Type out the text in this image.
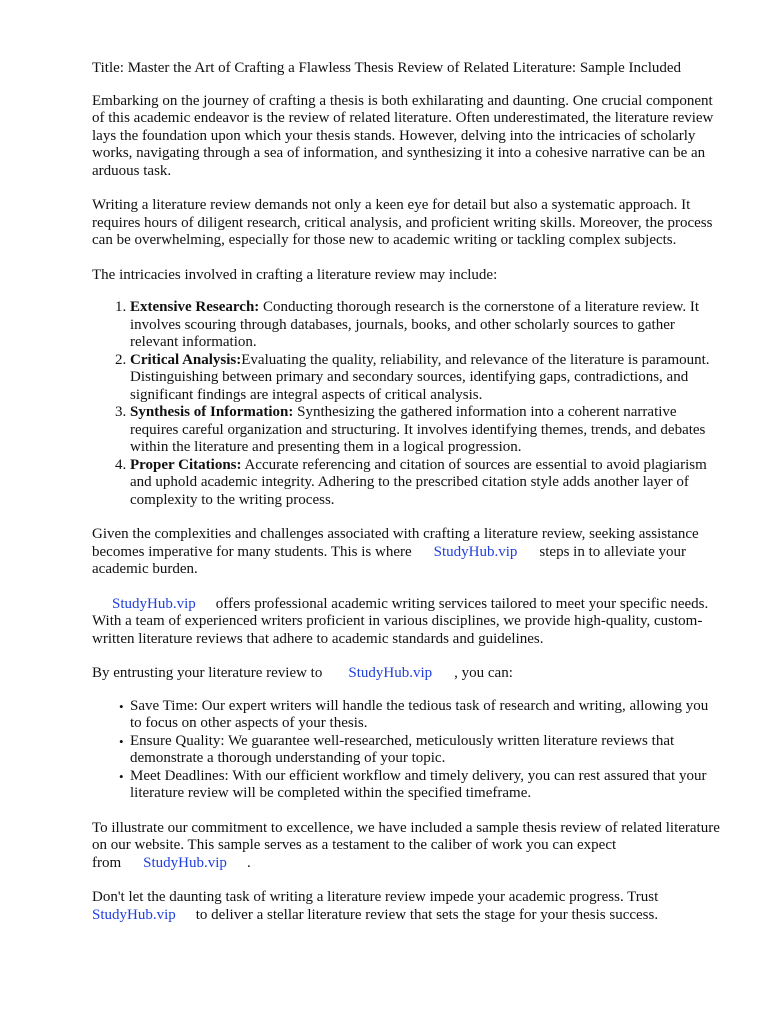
Title: Master the Art of Crafting a Flawless Thesis Review of Related Literature: Sample Included

Embarking on the journey of crafting a thesis is both exhilarating and daunting. One crucial component of this academic endeavor is the review of related literature. Often underestimated, the literature review lays the foundation upon which your thesis stands. However, delving into the intricacies of scholarly works, navigating through a sea of information, and synthesizing it into a cohesive narrative can be an arduous task.

Writing a literature review demands not only a keen eye for detail but also a systematic approach. It requires hours of diligent research, critical analysis, and proficient writing skills. Moreover, the process can be overwhelming, especially for those new to academic writing or tackling complex subjects.

The intricacies involved in crafting a literature review may include:

1. Extensive Research: Conducting thorough research is the cornerstone of a literature review. It involves scouring through databases, journals, books, and other scholarly sources to gather relevant information.
2. Critical Analysis:Evaluating the quality, reliability, and relevance of the literature is paramount. Distinguishing between primary and secondary sources, identifying gaps, contradictions, and significant findings are integral aspects of critical analysis.
3. Synthesis of Information: Synthesizing the gathered information into a coherent narrative requires careful organization and structuring. It involves identifying themes, trends, and debates within the literature and presenting them in a logical progression.
4. Proper Citations: Accurate referencing and citation of sources are essential to avoid plagiarism and uphold academic integrity. Adhering to the prescribed citation style adds another layer of complexity to the writing process.

Given the complexities and challenges associated with crafting a literature review, seeking assistance becomes imperative for many students. This is where StudyHub.vip steps in to alleviate your academic burden.

StudyHub.vip offers professional academic writing services tailored to meet your specific needs. With a team of experienced writers proficient in various disciplines, we provide high-quality, custom-written literature reviews that adhere to academic standards and guidelines.

By entrusting your literature review to StudyHub.vip , you can:

• Save Time: Our expert writers will handle the tedious task of research and writing, allowing you to focus on other aspects of your thesis.
• Ensure Quality: We guarantee well-researched, meticulously written literature reviews that demonstrate a thorough understanding of your topic.
• Meet Deadlines: With our efficient workflow and timely delivery, you can rest assured that your literature review will be completed within the specified timeframe.

To illustrate our commitment to excellence, we have included a sample thesis review of related literature on our website. This sample serves as a testament to the caliber of work you can expect from StudyHub.vip .

Don't let the daunting task of writing a literature review impede your academic progress. Trust StudyHub.vip to deliver a stellar literature review that sets the stage for your thesis success.
